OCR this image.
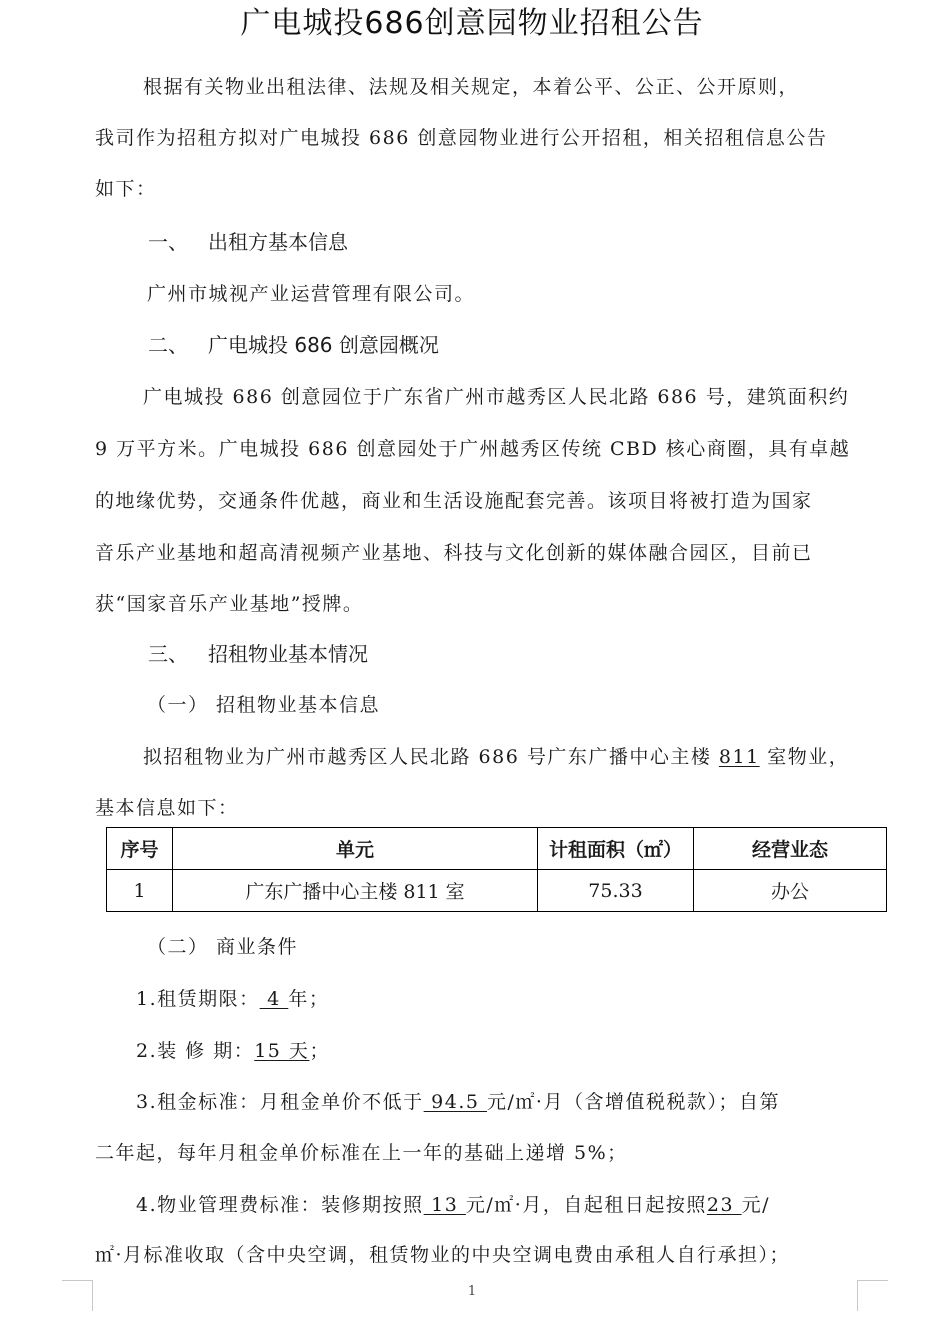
广电城投686创意园物业招租公告
根据有关物业出租法律、法规及相关规定，本着公平、公正、公开原则，
我司作为招租方拟对广电城投 686 创意园物业进行公开招租，相关招租信息公告
如下：
一、 出租方基本信息
广州市城视产业运营管理有限公司。
二、 广电城投 686 创意园概况
广电城投 686 创意园位于广东省广州市越秀区人民北路 686 号，建筑面积约
9 万平方米。广电城投 686 创意园处于广州越秀区传统 CBD 核心商圈，具有卓越
的地缘优势，交通条件优越，商业和生活设施配套完善。该项目将被打造为国家
音乐产业基地和超高清视频产业基地、科技与文化创新的媒体融合园区，目前已
获“国家音乐产业基地”授牌。
三、 招租物业基本情况
（一） 招租物业基本信息
拟招租物业为广州市越秀区人民北路 686 号广东广播中心主楼 811 室物业，
基本信息如下：
序号	单元	计租面积（㎡）	经营业态
1	广东广播中心主楼 811 室	75.33	办公
（二） 商业条件
1.租赁期限： 4 年；
2.装 修 期：15 天；
3.租金标准：月租金单价不低于 94.5 元/㎡·月（含增值税税款）；自第
二年起，每年月租金单价标准在上一年的基础上递增 5%；
4.物业管理费标准：装修期按照 13 元/㎡·月，自起租日起按照23 元/
㎡·月标准收取（含中央空调，租赁物业的中央空调电费由承租人自行承担）；
1
